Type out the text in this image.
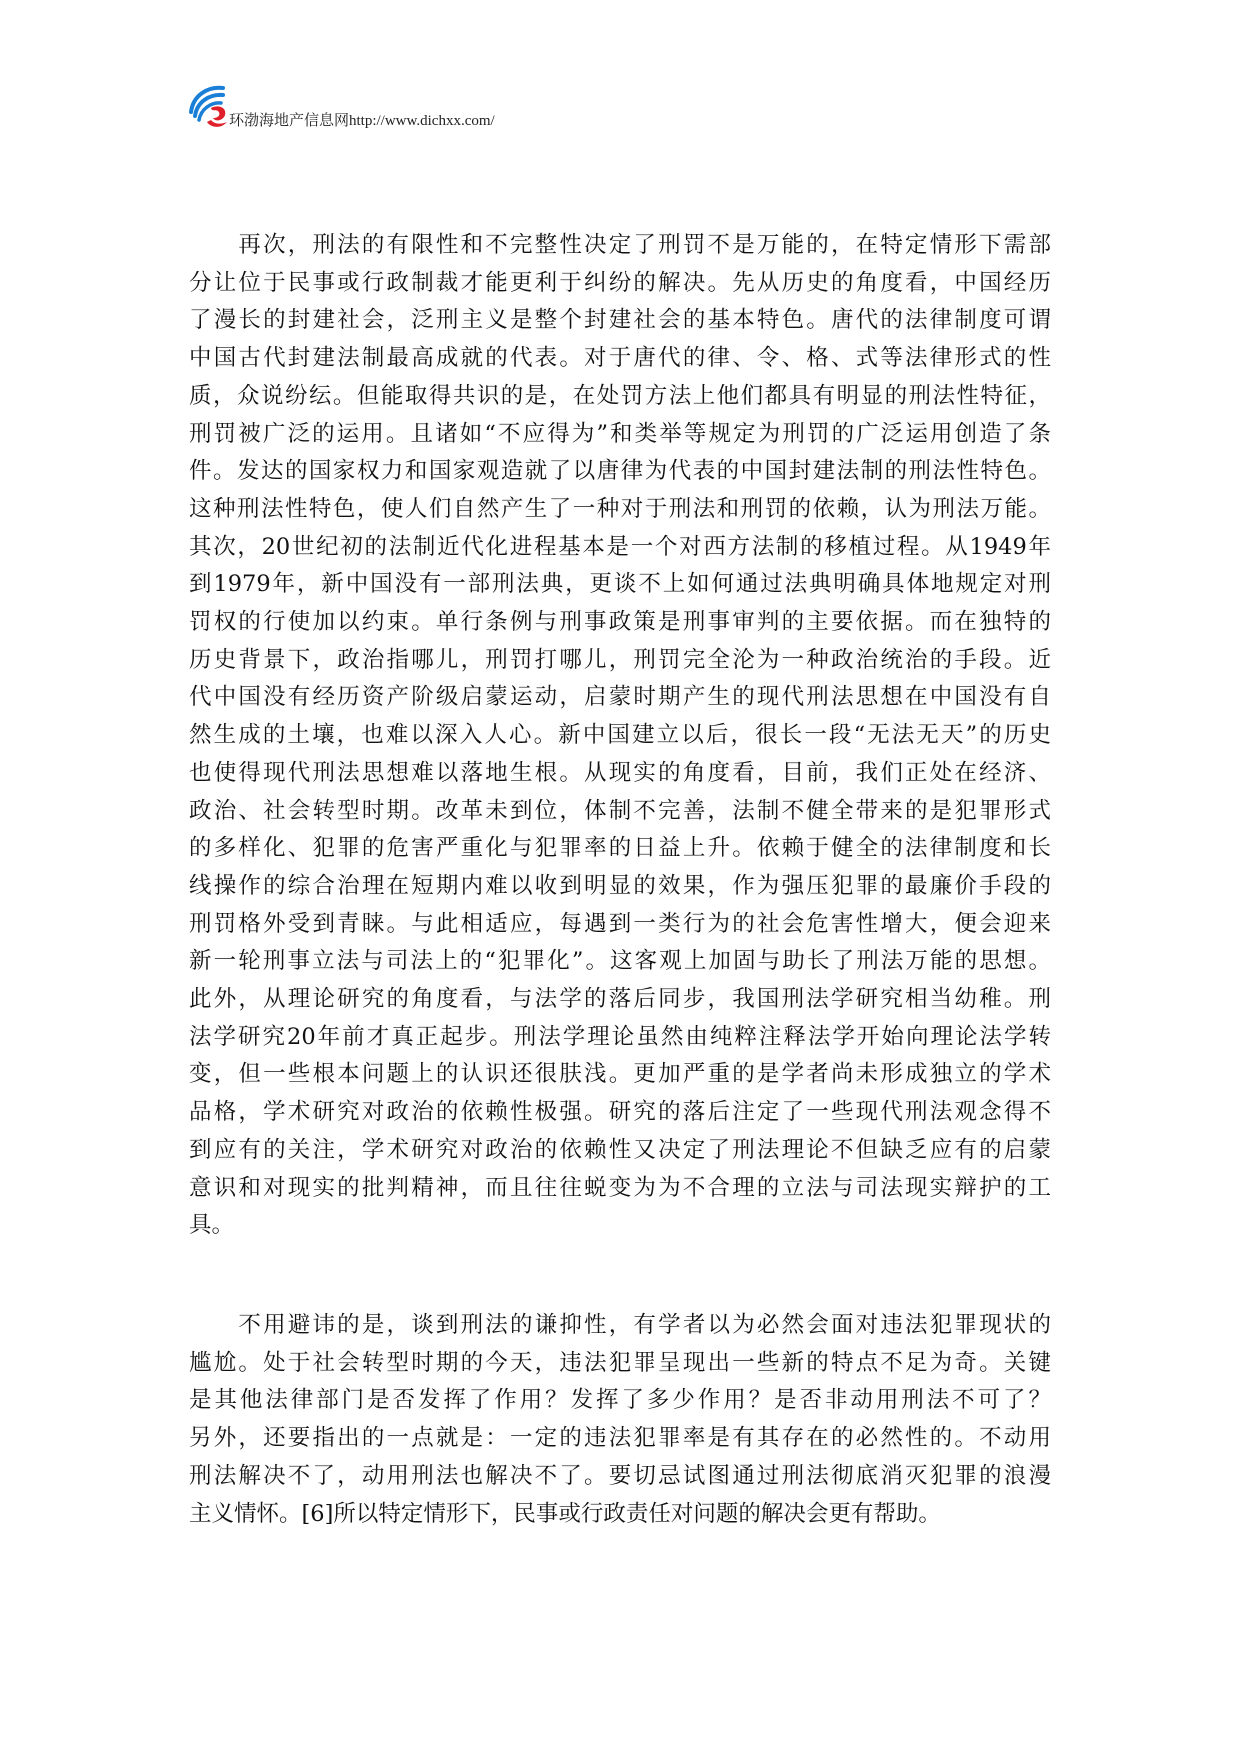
环渤海地产信息网 http://www.dichxx.com/
　　再次，刑法的有限性和不完整性决定了刑罚不是万能的，在特定情形下需部
分让位于民事或行政制裁才能更利于纠纷的解决。先从历史的角度看，中国经历
了漫长的封建社会，泛刑主义是整个封建社会的基本特色。唐代的法律制度可谓
中国古代封建法制最高成就的代表。对于唐代的律、令、格、式等法律形式的性
质，众说纷纭。但能取得共识的是，在处罚方法上他们都具有明显的刑法性特征，
刑罚被广泛的运用。且诸如“不应得为”和类举等规定为刑罚的广泛运用创造了条
件。发达的国家权力和国家观造就了以唐律为代表的中国封建法制的刑法性特色。
这种刑法性特色，使人们自然产生了一种对于刑法和刑罚的依赖，认为刑法万能。
其次，20世纪初的法制近代化进程基本是一个对西方法制的移植过程。从1949年
到1979年，新中国没有一部刑法典，更谈不上如何通过法典明确具体地规定对刑
罚权的行使加以约束。单行条例与刑事政策是刑事审判的主要依据。而在独特的
历史背景下，政治指哪儿，刑罚打哪儿，刑罚完全沦为一种政治统治的手段。近
代中国没有经历资产阶级启蒙运动，启蒙时期产生的现代刑法思想在中国没有自
然生成的土壤，也难以深入人心。新中国建立以后，很长一段“无法无天”的历史
也使得现代刑法思想难以落地生根。从现实的角度看，目前，我们正处在经济、
政治、社会转型时期。改革未到位，体制不完善，法制不健全带来的是犯罪形式
的多样化、犯罪的危害严重化与犯罪率的日益上升。依赖于健全的法律制度和长
线操作的综合治理在短期内难以收到明显的效果，作为强压犯罪的最廉价手段的
刑罚格外受到青睐。与此相适应，每遇到一类行为的社会危害性增大，便会迎来
新一轮刑事立法与司法上的“犯罪化”。这客观上加固与助长了刑法万能的思想。
此外，从理论研究的角度看，与法学的落后同步，我国刑法学研究相当幼稚。刑
法学研究20年前才真正起步。刑法学理论虽然由纯粹注释法学开始向理论法学转
变，但一些根本问题上的认识还很肤浅。更加严重的是学者尚未形成独立的学术
品格，学术研究对政治的依赖性极强。研究的落后注定了一些现代刑法观念得不
到应有的关注，学术研究对政治的依赖性又决定了刑法理论不但缺乏应有的启蒙
意识和对现实的批判精神，而且往往蜕变为为不合理的立法与司法现实辩护的工
具。
　　不用避讳的是，谈到刑法的谦抑性，有学者以为必然会面对违法犯罪现状的
尴尬。处于社会转型时期的今天，违法犯罪呈现出一些新的特点不足为奇。关键
是其他法律部门是否发挥了作用？发挥了多少作用？是否非动用刑法不可了？
另外，还要指出的一点就是：一定的违法犯罪率是有其存在的必然性的。不动用
刑法解决不了，动用刑法也解决不了。要切忌试图通过刑法彻底消灭犯罪的浪漫
主义情怀。[6]所以特定情形下，民事或行政责任对问题的解决会更有帮助。
